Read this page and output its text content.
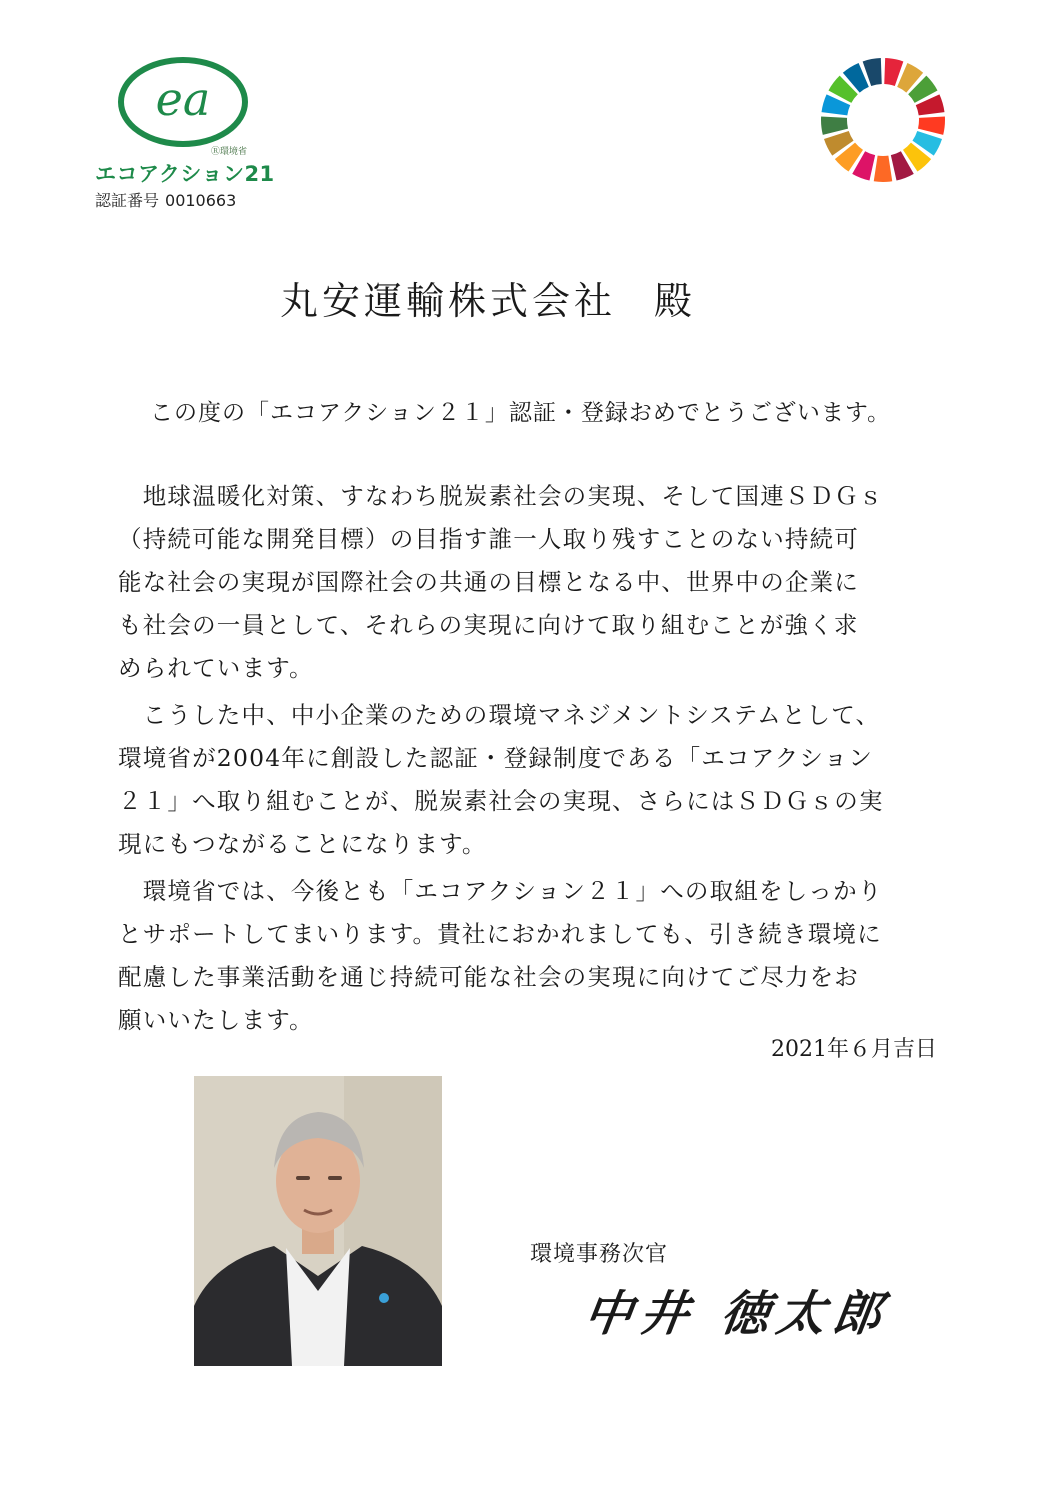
ea
Ⓡ環境省
エコアクション21
認証番号 0010663
丸安運輸株式会社 殿
この度の「エコアクション２１」認証・登録おめでとうございます。
　地球温暖化対策、すなわち脱炭素社会の実現、そして国連ＳＤＧｓ
（持続可能な開発目標）の目指す誰一人取り残すことのない持続可
能な社会の実現が国際社会の共通の目標となる中、世界中の企業に
も社会の一員として、それらの実現に向けて取り組むことが強く求
められています。
　こうした中、中小企業のための環境マネジメントシステムとして、
環境省が2004年に創設した認証・登録制度である「エコアクション
２１」へ取り組むことが、脱炭素社会の実現、さらにはＳＤＧｓの実
現にもつながることになります。
　環境省では、今後とも「エコアクション２１」への取組をしっかり
とサポートしてまいります。貴社におかれましても、引き続き環境に
配慮した事業活動を通じ持続可能な社会の実現に向けてご尽力をお
願いいたします。
2021年６月吉日
環境事務次官
中井 徳太郎
